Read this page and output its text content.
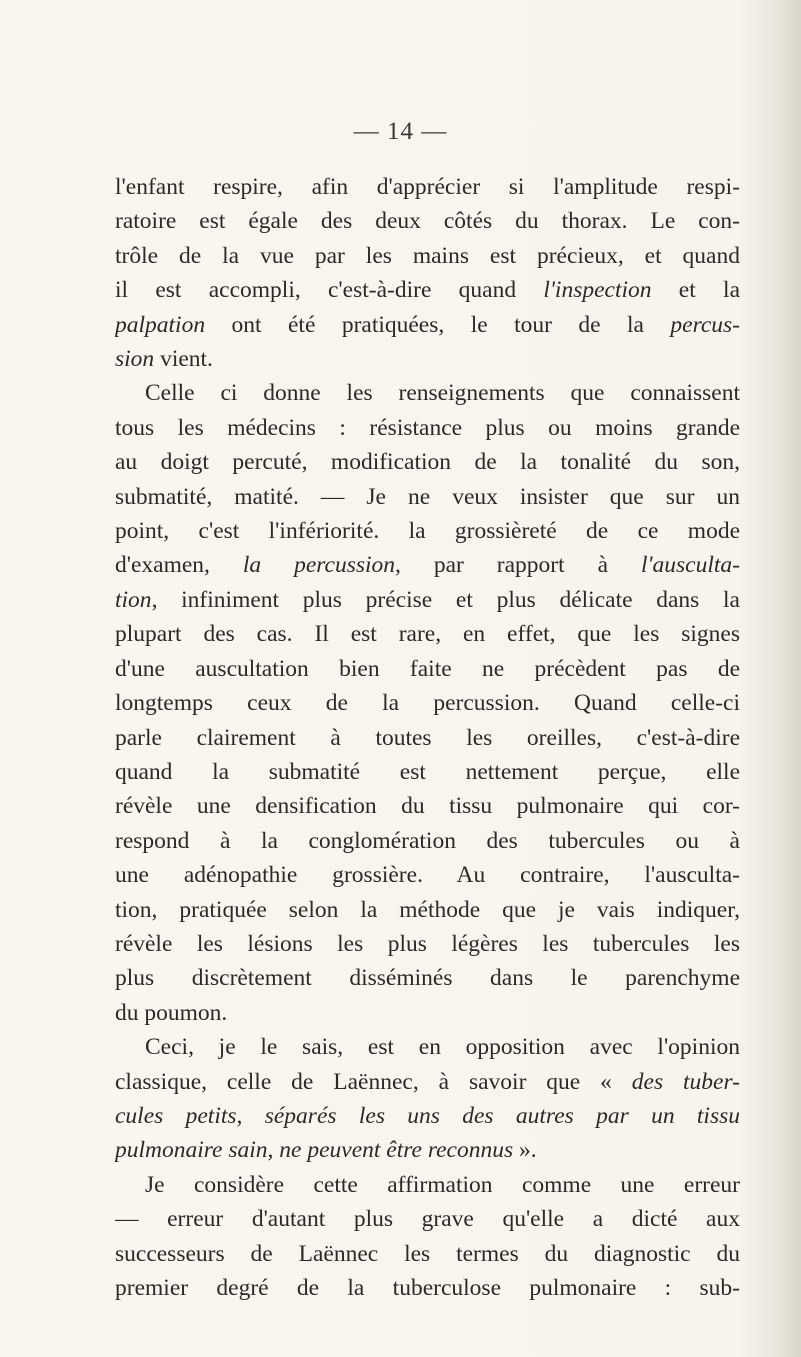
— 14 —
l'enfant respire, afin d'apprécier si l'amplitude respi-
ratoire est égale des deux côtés du thorax. Le con-
trôle de la vue par les mains est précieux, et quand
il est accompli, c'est-à-dire quand l'inspection et la
palpation ont été pratiquées, le tour de la percus-
sion vient.
Celle ci donne les renseignements que connaissent
tous les médecins : résistance plus ou moins grande
au doigt percuté, modification de la tonalité du son,
submatité, matité. — Je ne veux insister que sur un
point, c'est l'infériorité. la grossièreté de ce mode
d'examen, la percussion, par rapport à l'ausculta-
tion, infiniment plus précise et plus délicate dans la
plupart des cas. Il est rare, en effet, que les signes
d'une auscultation bien faite ne précèdent pas de
longtemps ceux de la percussion. Quand celle-ci
parle clairement à toutes les oreilles, c'est-à-dire
quand la submatité est nettement perçue, elle
révèle une densification du tissu pulmonaire qui cor-
respond à la conglomération des tubercules ou à
une adénopathie grossière. Au contraire, l'ausculta-
tion, pratiquée selon la méthode que je vais indiquer,
révèle les lésions les plus légères les tubercules les
plus discrètement disséminés dans le parenchyme
du poumon.
Ceci, je le sais, est en opposition avec l'opinion
classique, celle de Laënnec, à savoir que « des tuber-
cules petits, séparés les uns des autres par un tissu
pulmonaire sain, ne peuvent être reconnus ».
Je considère cette affirmation comme une erreur
— erreur d'autant plus grave qu'elle a dicté aux
successeurs de Laënnec les termes du diagnostic du
premier degré de la tuberculose pulmonaire : sub-
